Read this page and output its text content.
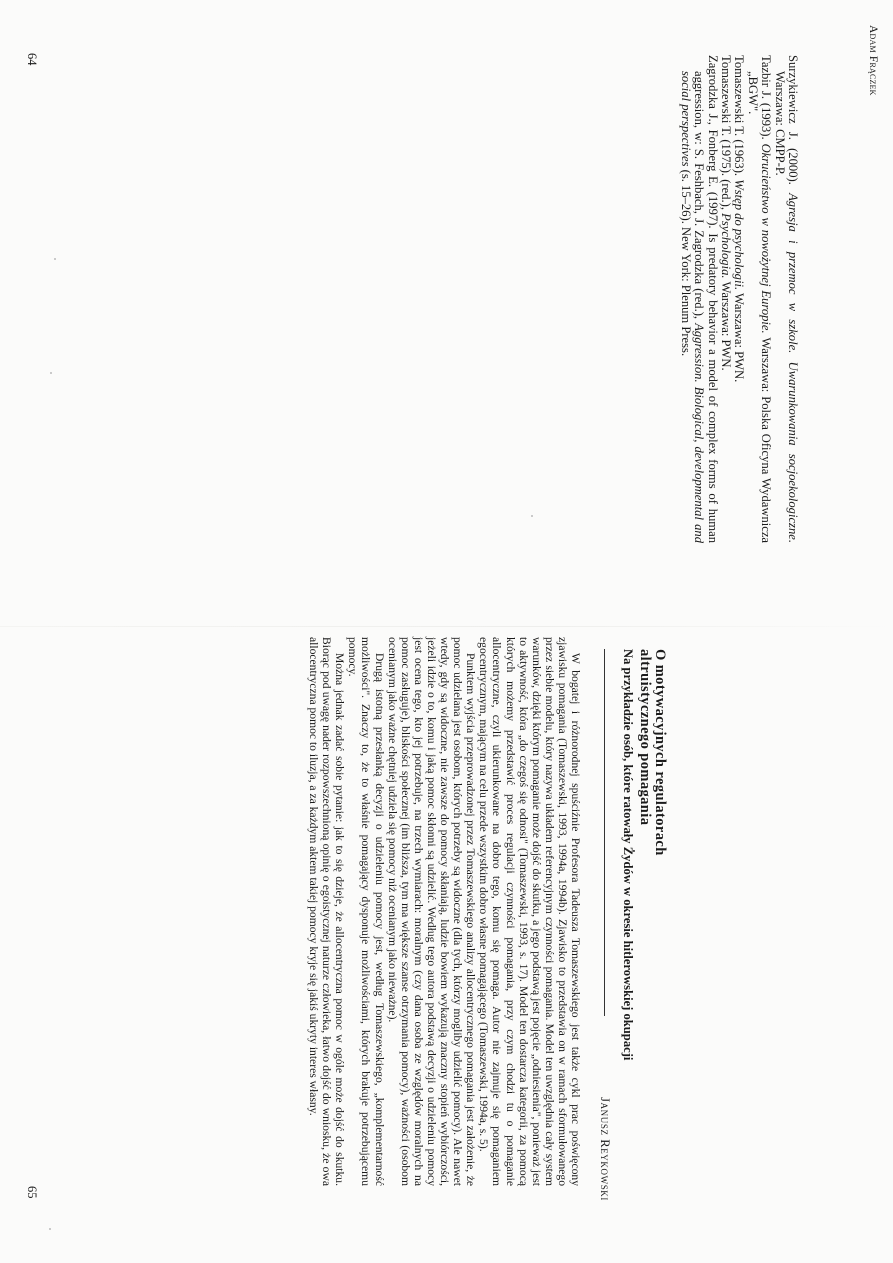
Adam Frączek

Surzykiewicz J. (2000). Agresja i przemoc w szkole. Uwarunkowania socjoekologiczne. Warszawa: CMPP-P.

Tazbir J. (1993). Okrucieństwo w nowożytnej Europie. Warszawa: Polska Oficyna Wydawnicza „BGW".

Tomaszewski T. (1963). Wstęp do psychologii. Warszawa: PWN.

Tomaszewski T. (1975). (red.), Psychologia. Warszawa: PWN.

Zagrodzka J., Fonberg E. (1997). Is predatory behavior a model of complex forms of human aggression, w: S. Feshbach, J. Zagrodzka (red.), Aggression. Biological, developmental and social perspectives (s. 15–26). New York: Plenum Press.

64
O motywacyjnych regulatorach
altruistycznego pomagania
Na przykładzie osób, które ratowały Żydów w okresie hitlerowskiej okupacji
Janusz Reykowski

W bogatej i różnorodnej spuściźnie Profesora Tadeusza Tomaszewskiego jest także cykl prac poświęcony zjawisku pomagania (Tomaszewski, 1993, 1994a, 1994b). Zjawisko to przedstawia on w ramach sformułowanego przez siebie modelu, który nazywa układem referencyjnym czynności pomagania. Model ten uwzględnia cały system warunków, dzięki którym pomaganie może dojść do skutku, a jego podstawą jest pojęcie „odniesienia", ponieważ jest to aktywność, która „do czegoś się odnosi" (Tomaszewski, 1993, s. 17). Model ten dostarcza kategorii, za pomocą których możemy przedstawić proces regulacji czynności pomagania, przy czym chodzi tu o pomaganie allocentryczne, czyli ukierunkowane na dobro tego, komu się pomaga. Autor nie zajmuje się pomaganiem egocentrycznym, mającym na celu przede wszystkim dobro własne pomagającego (Tomaszewski, 1994a, s. 5).

Punktem wyjścia przeprowadzonej przez Tomaszewskiego analizy allocentrycznego pomagania jest założenie, że pomoc udzielana jest osobom, których potrzeby są widoczne (dla tych, którzy mogliby udzielić pomocy). Ale nawet wtedy, gdy są widoczne, nie zawsze do pomocy skłaniają, ludzie bowiem wykazują znaczny stopień wybiórczości, jeżeli idzie o to, komu i jaką pomoc skłonni są udzielić. Według tego autora podstawą decyzji o udzieleniu pomocy jest ocena tego, kto jej potrzebuje, na trzech wymiarach: moralnym (czy dana osoba ze względów moralnych na pomoc zasługuje), bliskości społecznej (im bliższa, tym ma większe szanse otrzymania pomocy), ważności (osobom ocenianym jako ważne chętniej udziela się pomocy niż ocenianym jako nieważne).

Drugą istotną przesłanką decyzji o udzieleniu pomocy jest, według Tomaszewskiego, „komplementarność możliwości". Znaczy to, że to właśnie pomagający dysponuje możliwościami, których brakuje potrzebującemu pomocy.

Można jednak zadać sobie pytanie: jak to się dzieje, że allocentryczna pomoc w ogóle może dojść do skutku. Biorąc pod uwagę nader rozpowszechnioną opinię o egoistycznej naturze człowieka, łatwo dojść do wniosku, że owa allocentryczna pomoc to iluzja, a za każdym aktem takiej pomocy kryje się jakiś ukryty interes własny.

65
